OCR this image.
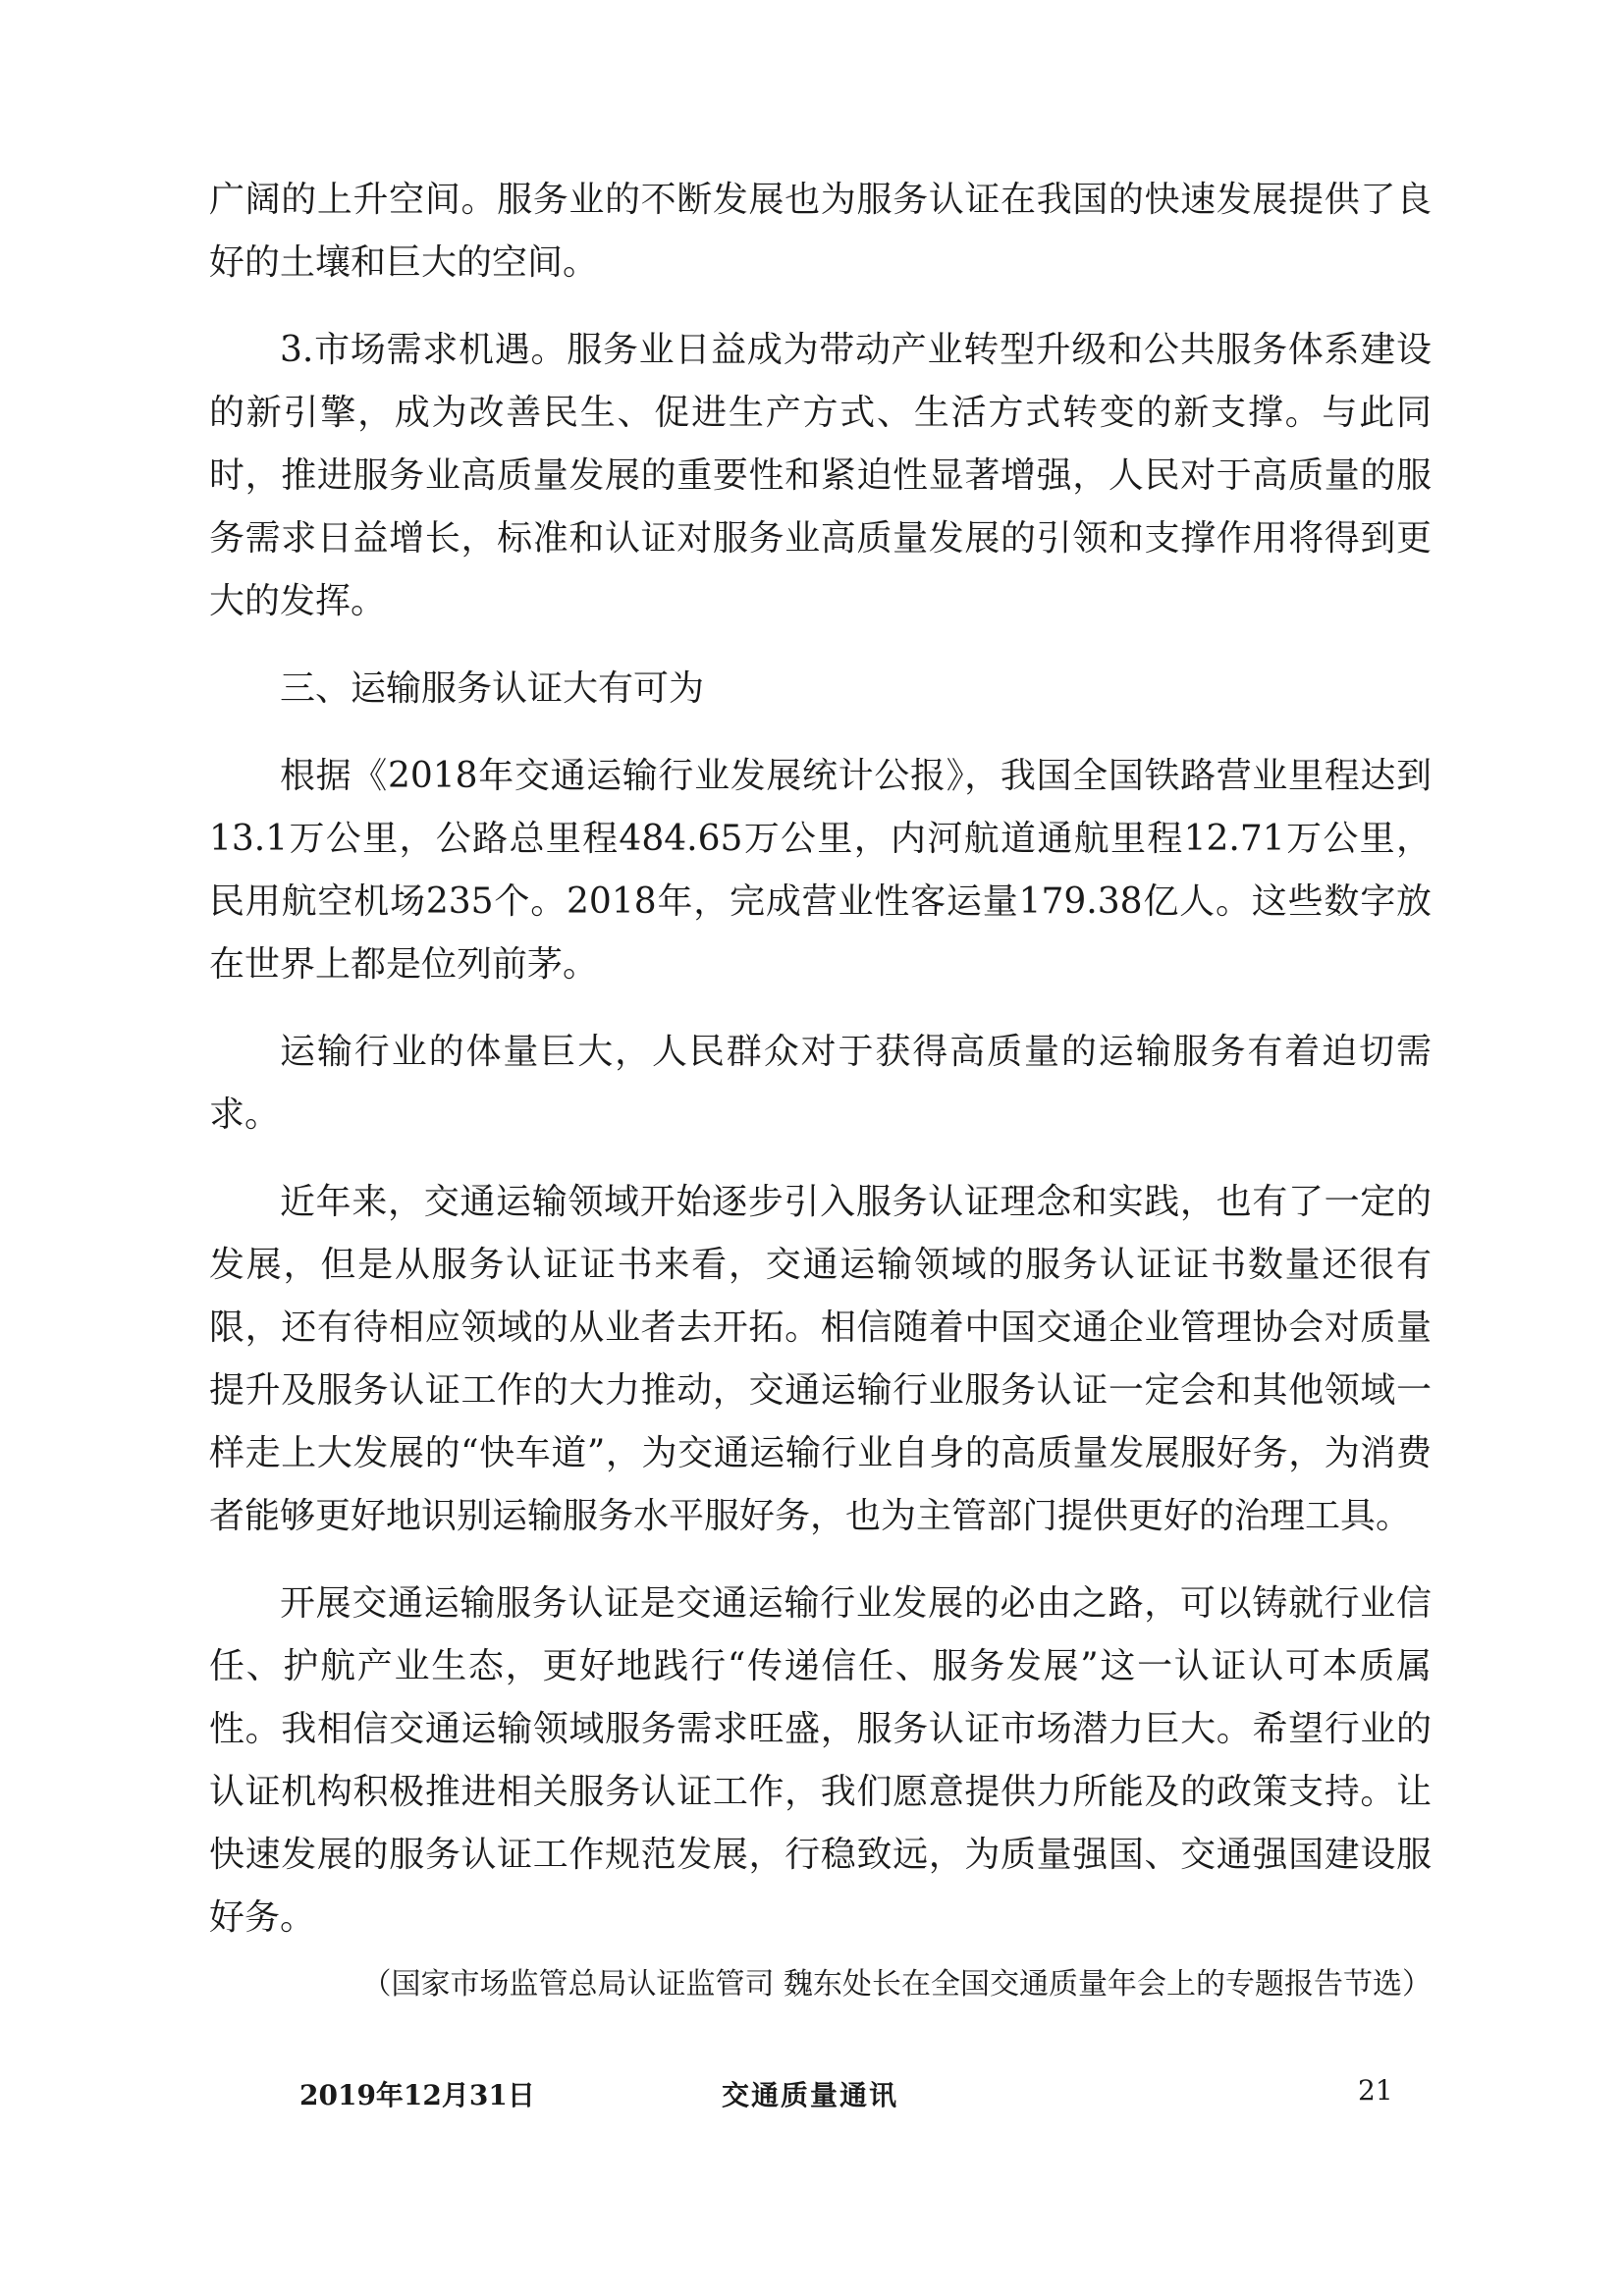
广阔的上升空间。服务业的不断发展也为服务认证在我国的快速发展提供了良好的土壤和巨大的空间。

3.市场需求机遇。服务业日益成为带动产业转型升级和公共服务体系建设的新引擎，成为改善民生、促进生产方式、生活方式转变的新支撑。与此同时，推进服务业高质量发展的重要性和紧迫性显著增强，人民对于高质量的服务需求日益增长，标准和认证对服务业高质量发展的引领和支撑作用将得到更大的发挥。

三、运输服务认证大有可为

根据《2018年交通运输行业发展统计公报》，我国全国铁路营业里程达到13.1万公里，公路总里程484.65万公里，内河航道通航里程12.71万公里，民用航空机场235个。2018年，完成营业性客运量179.38亿人。这些数字放在世界上都是位列前茅。

运输行业的体量巨大，人民群众对于获得高质量的运输服务有着迫切需求。

近年来，交通运输领域开始逐步引入服务认证理念和实践，也有了一定的发展，但是从服务认证证书来看，交通运输领域的服务认证证书数量还很有限，还有待相应领域的从业者去开拓。相信随着中国交通企业管理协会对质量提升及服务认证工作的大力推动，交通运输行业服务认证一定会和其他领域一样走上大发展的“快车道”，为交通运输行业自身的高质量发展服好务，为消费者能够更好地识别运输服务水平服好务，也为主管部门提供更好的治理工具。

开展交通运输服务认证是交通运输行业发展的必由之路，可以铸就行业信任、护航产业生态，更好地践行“传递信任、服务发展”这一认证认可本质属性。我相信交通运输领域服务需求旺盛，服务认证市场潜力巨大。希望行业的认证机构积极推进相关服务认证工作，我们愿意提供力所能及的政策支持。让快速发展的服务认证工作规范发展，行稳致远，为质量强国、交通强国建设服好务。

（国家市场监管总局认证监管司 魏东处长在全国交通质量年会上的专题报告节选）
2019年12月31日	交通质量通讯	21
